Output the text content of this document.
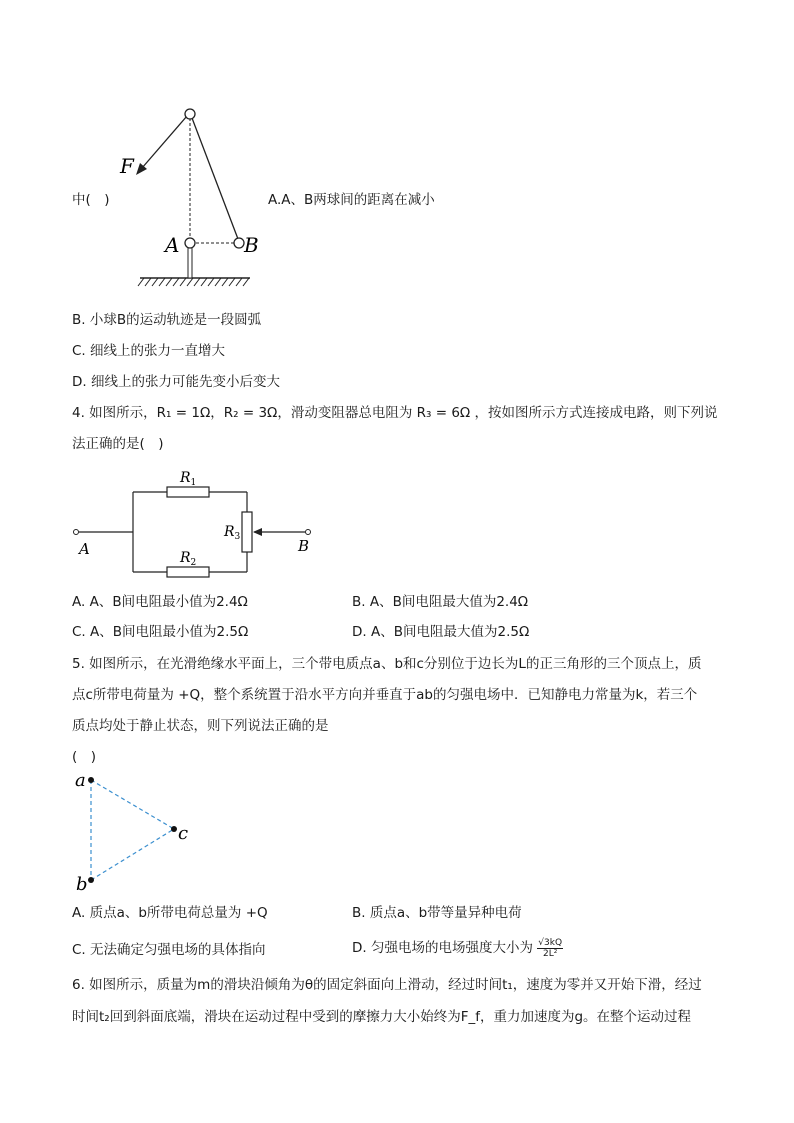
F
A	B
中(　)	A.A、B两球间的距离在减小
B. 小球B的运动轨迹是一段圆弧
C. 细线上的张力一直增大
D. 细线上的张力可能先变小后变大
4. 如图所示，R₁ = 1Ω，R₂ = 3Ω，滑动变阻器总电阻为 R₃ = 6Ω ，按如图所示方式连接成电路，则下列说
法正确的是(　)
$R_1$
$R_2$
$R_3$
A	B
A. A、B间电阻最小值为2.4Ω	B. A、B间电阻最大值为2.4Ω
C. A、B间电阻最小值为2.5Ω	D. A、B间电阻最大值为2.5Ω
5. 如图所示，在光滑绝缘水平面上，三个带电质点a、b和c分别位于边长为L的正三角形的三个顶点上，质
点c所带电荷量为 +Q，整个系统置于沿水平方向并垂直于ab的匀强电场中．已知静电力常量为k，若三个
质点均处于静止状态，则下列说法正确的是
(　)
a
b
c
A. 质点a、b所带电荷总量为 +Q	B. 质点a、b带等量异种电荷
C. 无法确定匀强电场的具体指向	D. 匀强电场的电场强度大小为 $\frac{√3kQ}{\text{2L²}}$
6. 如图所示，质量为m的滑块沿倾角为θ的固定斜面向上滑动，经过时间t₁，速度为零并又开始下滑，经过
时间t₂回到斜面底端，滑块在运动过程中受到的摩擦力大小始终为F_f，重力加速度为g。在整个运动过程
